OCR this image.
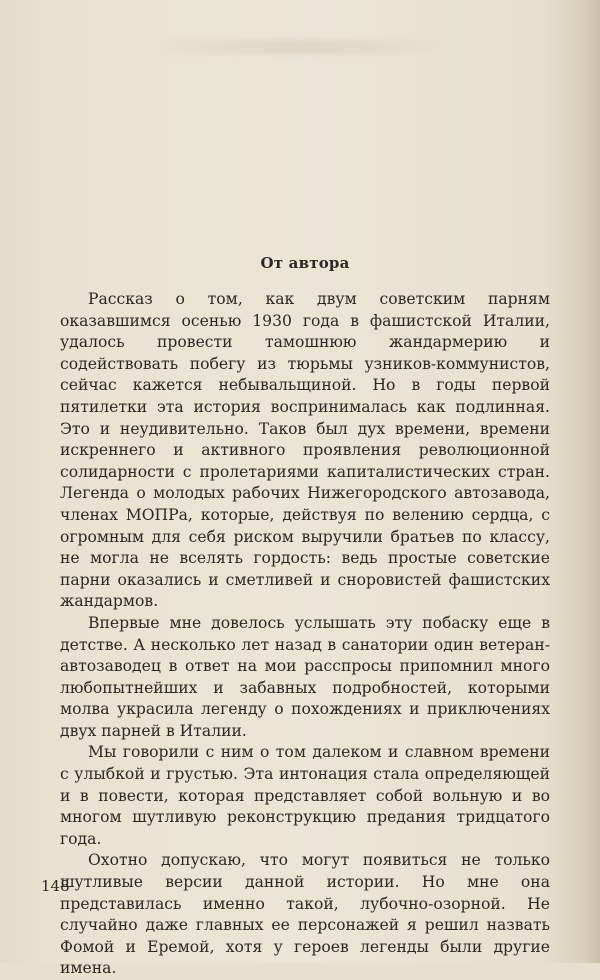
От автора

Рассказ о том, как двум советским парням оказавшимся осенью 1930 года в фашистской Италии, удалось провести тамошнюю жандармерию и содействовать побегу из тюрьмы узников-коммунистов, сейчас кажется небывальщиной. Но в годы первой пятилетки эта история воспринималась как подлинная. Это и неудивительно. Таков был дух времени, времени искреннего и активного проявления революционной солидарности с пролетариями капиталистических стран. Легенда о молодых рабочих Нижегородского автозавода, членах МОПРа, которые, действуя по велению сердца, с огромным для себя риском выручили братьев по классу, не могла не вселять гордость: ведь простые советские парни оказались и сметливей и сноровистей фашистских жандармов.

Впервые мне довелось услышать эту побаску еще в детстве. А несколько лет назад в санатории один ветеран-автозаводец в ответ на мои расспросы припомнил много любопытнейших и забавных подробностей, которыми молва украсила легенду о похождениях и приключениях двух парней в Италии.

Мы говорили с ним о том далеком и славном времени с улыбкой и грустью. Эта интонация стала определяющей и в повести, которая представляет собой вольную и во многом шутливую реконструкцию предания тридцатого года.

Охотно допускаю, что могут появиться не только шутливые версии данной истории. Но мне она представилась именно такой, лубочно-озорной. Не случайно даже главных ее персонажей я решил назвать Фомой и Еремой, хотя у героев легенды были другие имена.

148
